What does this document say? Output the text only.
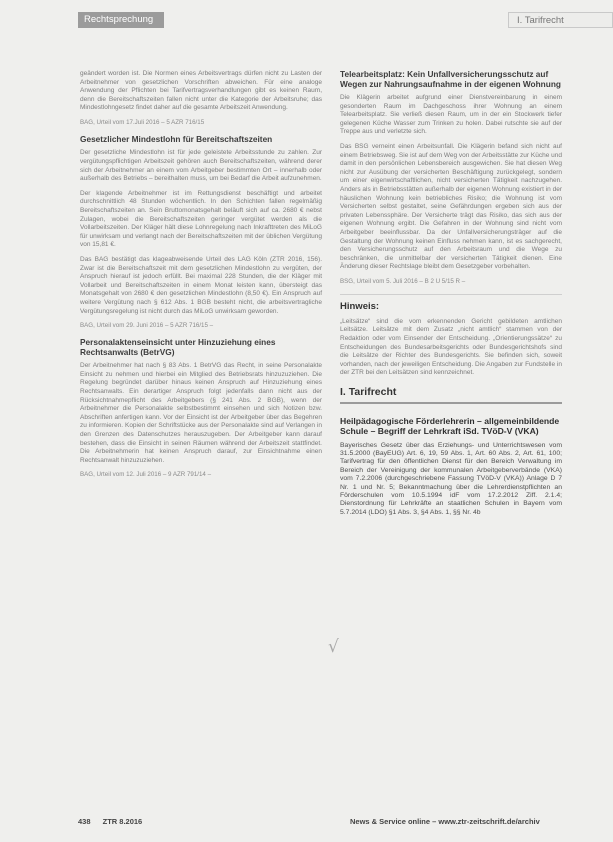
Rechtsprechung	I. Tarifrecht

geändert worden ist. Die Normen eines Arbeitsvertrags dürfen nicht zu Lasten der Arbeitnehmer von gesetzlichen Vorschriften abweichen. Für eine analoge Anwendung der Pflichten bei Tarifvertragsverhandlungen gibt es keinen Raum, denn die Bereitschaftszeiten fallen nicht unter die Kategorie der Arbeitsruhe; das Mindestlohngesetz findet daher auf die gesamte Arbeitszeit Anwendung.

BAG, Urteil vom 17.Juli 2016 – 5 AZR 716/15

Gesetzlicher Mindestlohn für Bereitschaftszeiten

Der gesetzliche Mindestlohn ist für jede geleistete Arbeitsstunde zu zahlen. Zur vergütungspflichtigen Arbeitszeit gehören auch Bereitschaftszeiten, während derer sich der Arbeitnehmer an einem vom Arbeitgeber bestimmten Ort – innerhalb oder außerhalb des Betriebs – bereithalten muss, um bei Bedarf die Arbeit aufzunehmen.

Der klagende Arbeitnehmer ist im Rettungsdienst beschäftigt und arbeitet durchschnittlich 48 Stunden wöchentlich. In den Schichten fallen regelmäßig Bereitschaftszeiten an. Sein Bruttomonatsgehalt beläuft sich auf ca. 2680 € nebst Zulagen, wobei die Bereitschaftszeiten geringer vergütet werden als die Vollarbeitszeiten. Der Kläger hält diese Lohnregelung nach Inkrafttreten des MiLoG für unwirksam und verlangt nach der Bereitschaftszeiten mit der üblichen Vergütung von 15,81 €.

Das BAG bestätigt das klageabweisende Urteil des LAG Köln (ZTR 2016, 156). Zwar ist die Bereitschaftszeit mit dem gesetzlichen Mindestlohn zu vergüten, der Anspruch hierauf ist jedoch erfüllt. Bei maximal 228 Stunden, die der Kläger mit Vollarbeit und Bereitschaftszeiten in einem Monat leisten kann, übersteigt das Monatsgehalt von 2680 € den gesetzlichen Mindestlohn (8,50 €). Ein Anspruch auf weitere Vergütung nach § 612 Abs. 1 BGB besteht nicht, die arbeitsvertragliche Vergütungsregelung ist nicht durch das MiLoG unwirksam geworden.

BAG, Urteil vom 29. Juni 2016 – 5 AZR 716/15 –

Personalaktenseinsicht unter Hinzuziehung eines Rechtsanwalts (BetrVG)

Der Arbeitnehmer hat nach § 83 Abs. 1 BetrVG das Recht, in seine Personalakte Einsicht zu nehmen und hierbei ein Mitglied des Betriebsrats hinzuzuziehen. Die Regelung begründet darüber hinaus keinen Anspruch auf Hinzuziehung eines Rechtsanwalts. Ein derartiger Anspruch folgt jedenfalls dann nicht aus der Rücksichtnahmepflicht des Arbeitgebers (§ 241 Abs. 2 BGB), wenn der Arbeitnehmer die Personalakte selbstbestimmt einsehen und sich Notizen bzw. Abschriften anfertigen kann. Vor der Einsicht ist der Arbeitgeber über das Begehren zu informieren. Kopien der Schriftstücke aus der Personalakte sind auf Verlangen in den Grenzen des Datenschutzes herauszugeben. Der Arbeitgeber kann darauf bestehen, dass die Einsicht in seinen Räumen während der Arbeitszeit stattfindet. Die Arbeitnehmerin hat keinen Anspruch darauf, zur Einsichtnahme einen Rechtsanwalt hinzuzuziehen.

BAG, Urteil vom 12. Juli 2016 – 9 AZR 791/14 –

Telearbeitsplatz: Kein Unfallversicherungsschutz auf Wegen zur Nahrungsaufnahme in der eigenen Wohnung

Die Klägerin arbeitet aufgrund einer Dienstvereinbarung in einem gesonderten Raum im Dachgeschoss ihrer Wohnung an einem Telearbeitsplatz. Sie verließ diesen Raum, um in der ein Stockwerk tiefer gelegenen Küche Wasser zum Trinken zu holen. Dabei rutschte sie auf der Treppe aus und verletzte sich.

Das BSG verneint einen Arbeitsunfall. Die Klägerin befand sich nicht auf einem Betriebsweg. Sie ist auf dem Weg von der Arbeitsstätte zur Küche und damit in den persönlichen Lebensbereich ausgewichen. Sie hat diesen Weg nicht zur Ausübung der versicherten Beschäftigung zurückgelegt, sondern um einer eigenwirtschaftlichen, nicht versicherten Tätigkeit nachzugehen. Anders als in Betriebsstätten außerhalb der eigenen Wohnung existiert in der häuslichen Wohnung kein betriebliches Risiko; die Wohnung ist vom Versicherten selbst gestaltet, seine Gefährdungen ergeben sich aus der privaten Lebenssphäre. Der Versicherte trägt das Risiko, das sich aus der eigenen Wohnung ergibt. Die Gefahren in der Wohnung sind nicht vom Arbeitgeber beeinflussbar. Da der Unfallversicherungsträger auf die Gestaltung der Wohnung keinen Einfluss nehmen kann, ist es sachgerecht, den Versicherungsschutz auf den Arbeitsraum und die Wege zu beschränken, die unmittelbar der versicherten Tätigkeit dienen. Eine Änderung dieser Rechtslage bleibt dem Gesetzgeber vorbehalten.

BSG, Urteil vom 5. Juli 2016 – B 2 U 5/15 R –

Hinweis:

„Leitsätze“ sind die vom erkennenden Gericht gebildeten amtlichen Leitsätze. Leitsätze mit dem Zusatz „nicht amtlich“ stammen von der Redaktion oder vom Einsender der Entscheidung. „Orientierungssätze“ zu Entscheidungen des Bundesarbeitsgerichts oder Bundesgerichtshofs sind die Leitsätze der Richter des Bundesgerichts. Sie befinden sich, soweit vorhanden, nach der jeweiligen Entscheidung. Die Angaben zur Fundstelle in der ZTR bei den Leitsätzen sind kennzeichnet.

I. Tarifrecht

Heilpädagogische Förderlehrerin – allgemeinbildende Schule – Begriff der Lehrkraft iSd. TVöD-V (VKA)

Bayerisches Gesetz über das Erziehungs- und Unterrichtswesen vom 31.5.2000 (BayEUG) Art. 6, 19, 59 Abs. 1, Art. 60 Abs. 2, Art. 61, 100; Tarifvertrag für den öffentlichen Dienst für den Bereich Verwaltung im Bereich der Vereinigung der kommunalen Arbeitgeberverbände (VKA) vom 7.2.2006 (durchgeschriebene Fassung TVöD-V (VKA)) Anlage D 7 Nr. 1 und Nr. 5; Bekanntmachung über die Lehrerdienstpflichten an Förderschulen vom 10.5.1994 idF vom 17.2.2012 Ziff. 2.1.4; Dienstordnung für Lehrkräfte an staatlichen Schulen in Bayern vom 5.7.2014 (LDO) §1 Abs. 3, §4 Abs. 1, §§ Nr. 4b

√
438 ZTR 8.2016	News & Service online – www.ztr-zeitschrift.de/archiv
